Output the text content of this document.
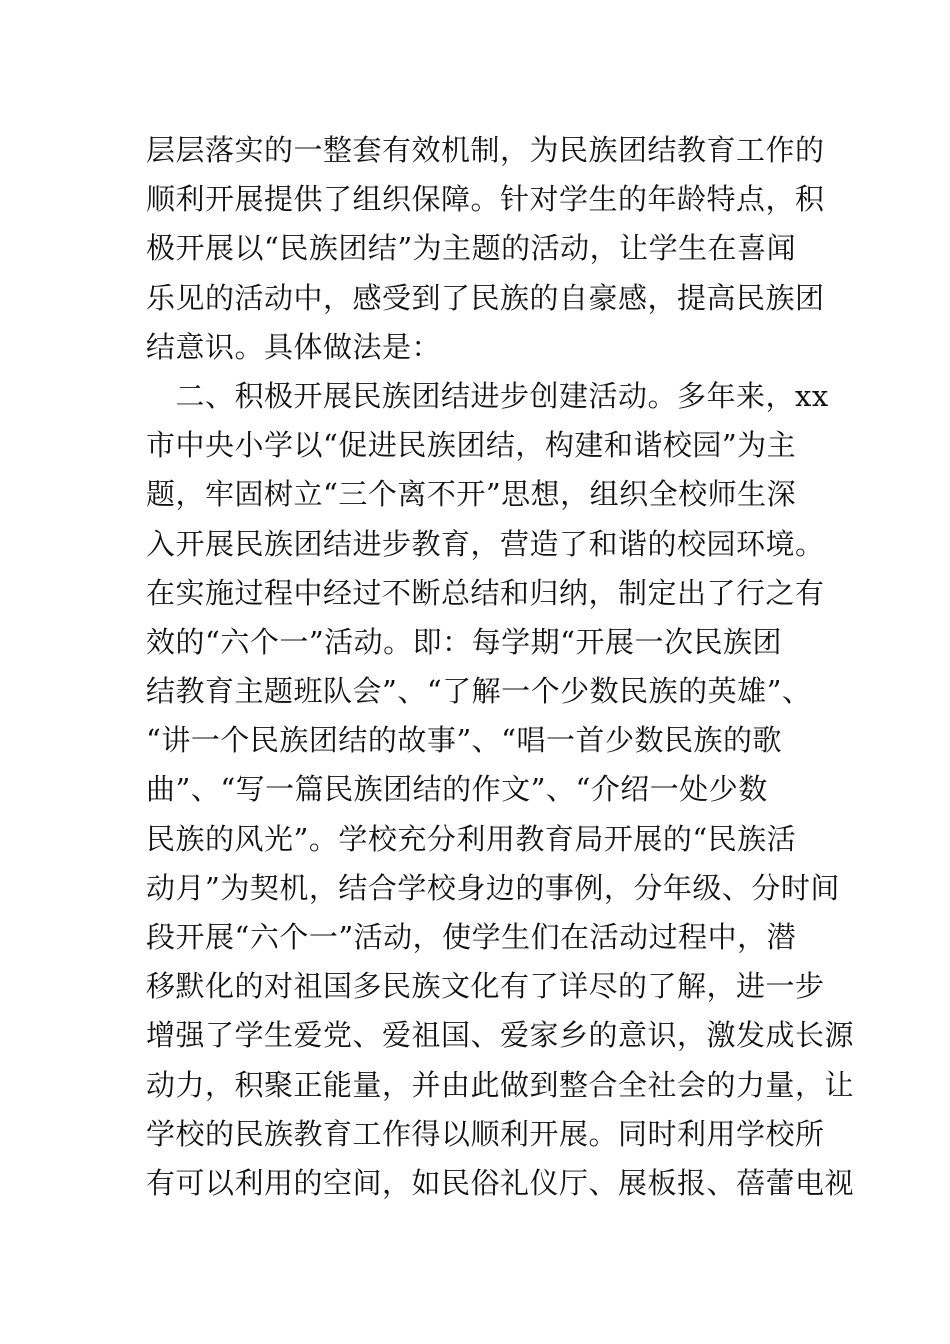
层层落实的一整套有效机制，为民族团结教育工作的
顺利开展提供了组织保障。针对学生的年龄特点，积
极开展以“民族团结”为主题的活动，让学生在喜闻
乐见的活动中，感受到了民族的自豪感，提高民族团
结意识。具体做法是：
　二、积极开展民族团结进步创建活动。多年来，xx
市中央小学以“促进民族团结，构建和谐校园”为主
题，牢固树立“三个离不开”思想，组织全校师生深
入开展民族团结进步教育，营造了和谐的校园环境。
在实施过程中经过不断总结和归纳，制定出了行之有
效的“六个一”活动。即：每学期“开展一次民族团
结教育主题班队会”、“了解一个少数民族的英雄”、
“讲一个民族团结的故事”、“唱一首少数民族的歌
曲”、“写一篇民族团结的作文”、“介绍一处少数
民族的风光”。学校充分利用教育局开展的“民族活
动月”为契机，结合学校身边的事例，分年级、分时间
段开展“六个一”活动，使学生们在活动过程中，潜
移默化的对祖国多民族文化有了详尽的了解，进一步
增强了学生爱党、爱祖国、爱家乡的意识，激发成长源
动力，积聚正能量，并由此做到整合全社会的力量，让
学校的民族教育工作得以顺利开展。同时利用学校所
有可以利用的空间，如民俗礼仪厅、展板报、蓓蕾电视
